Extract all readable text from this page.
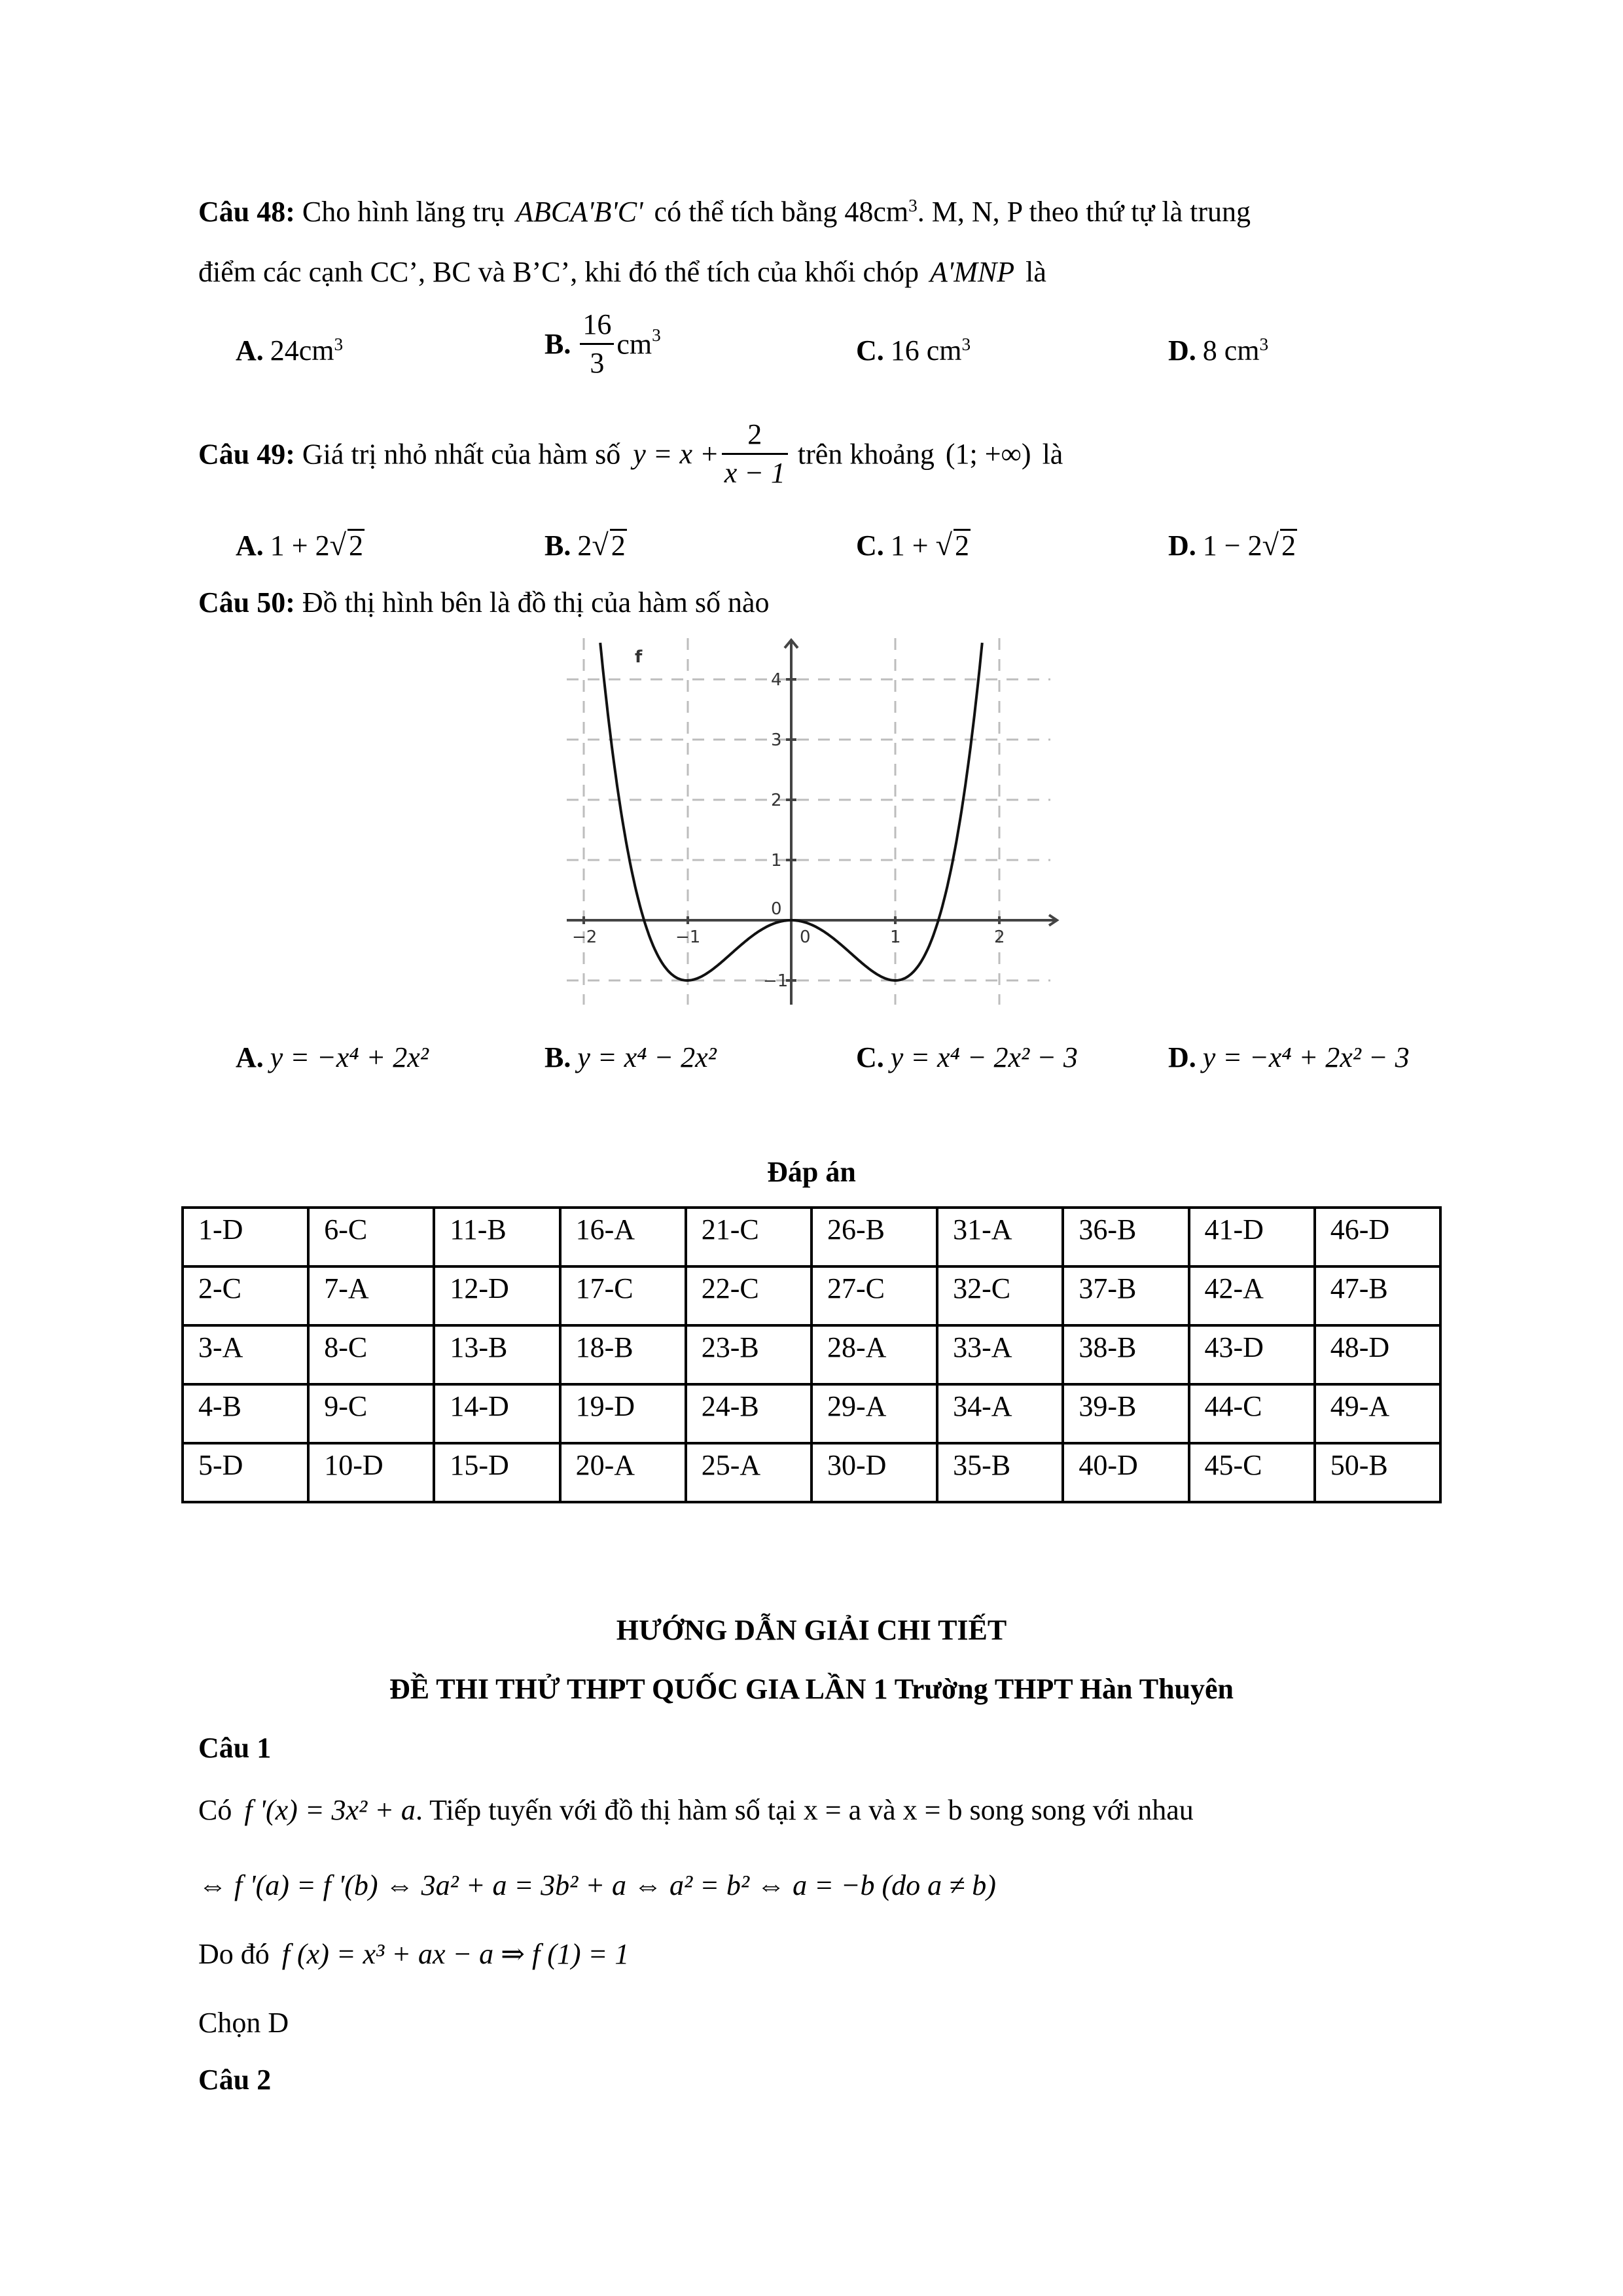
Câu 48: Cho hình lăng trụ ABCA'B'C' có thể tích bằng $48cm^3$. M, N, P theo thứ tự là trung
điểm các cạnh CC’, BC và B’C’, khi đó thể tích của khối chóp A'MNP là
A. $24cm^3$	B. $\frac{16}{3} cm^3$	C. 16 $cm^3$	D. 8 $cm^3$
Câu 49: Giá trị nhỏ nhất của hàm số $y = x + \frac{2}{x - 1}$ trên khoảng (1; +∞) là
A. 1 + 2√2	B. 2√2	C. 1 + √2	D. 1 − 2√2
Câu 50: Đồ thị hình bên là đồ thị của hàm số nào
−2	−1	0	1	2
4
3
2
1
0
−1
f
A. y = −x⁴ + 2x²	B. y = x⁴ − 2x²	C. y = x⁴ − 2x² − 3	D. y = −x⁴ + 2x² − 3
Đáp án
1-D	6-C	11-B	16-A	21-C	26-B	31-A	36-B	41-D	46-D
2-C	7-A	12-D	17-C	22-C	27-C	32-C	37-B	42-A	47-B
3-A	8-C	13-B	18-B	23-B	28-A	33-A	38-B	43-D	48-D
4-B	9-C	14-D	19-D	24-B	29-A	34-A	39-B	44-C	49-A
5-D	10-D	15-D	20-A	25-A	30-D	35-B	40-D	45-C	50-B
HƯỚNG DẪN GIẢI CHI TIẾT
ĐỀ THI THỬ THPT QUỐC GIA LẦN 1 Trường THPT Hàn Thuyên
Câu 1
Có f '(x) = 3x² + a. Tiếp tuyến với đồ thị hàm số tại x = a và x = b song song với nhau
⇔ f '(a) = f '(b) ⇔ 3a² + a = 3b² + a ⇔ a² = b² ⇔ a = −b (do a ≠ b)
Do đó f (x) = x³ + ax − a ⇒ f (1) = 1
Chọn D
Câu 2
